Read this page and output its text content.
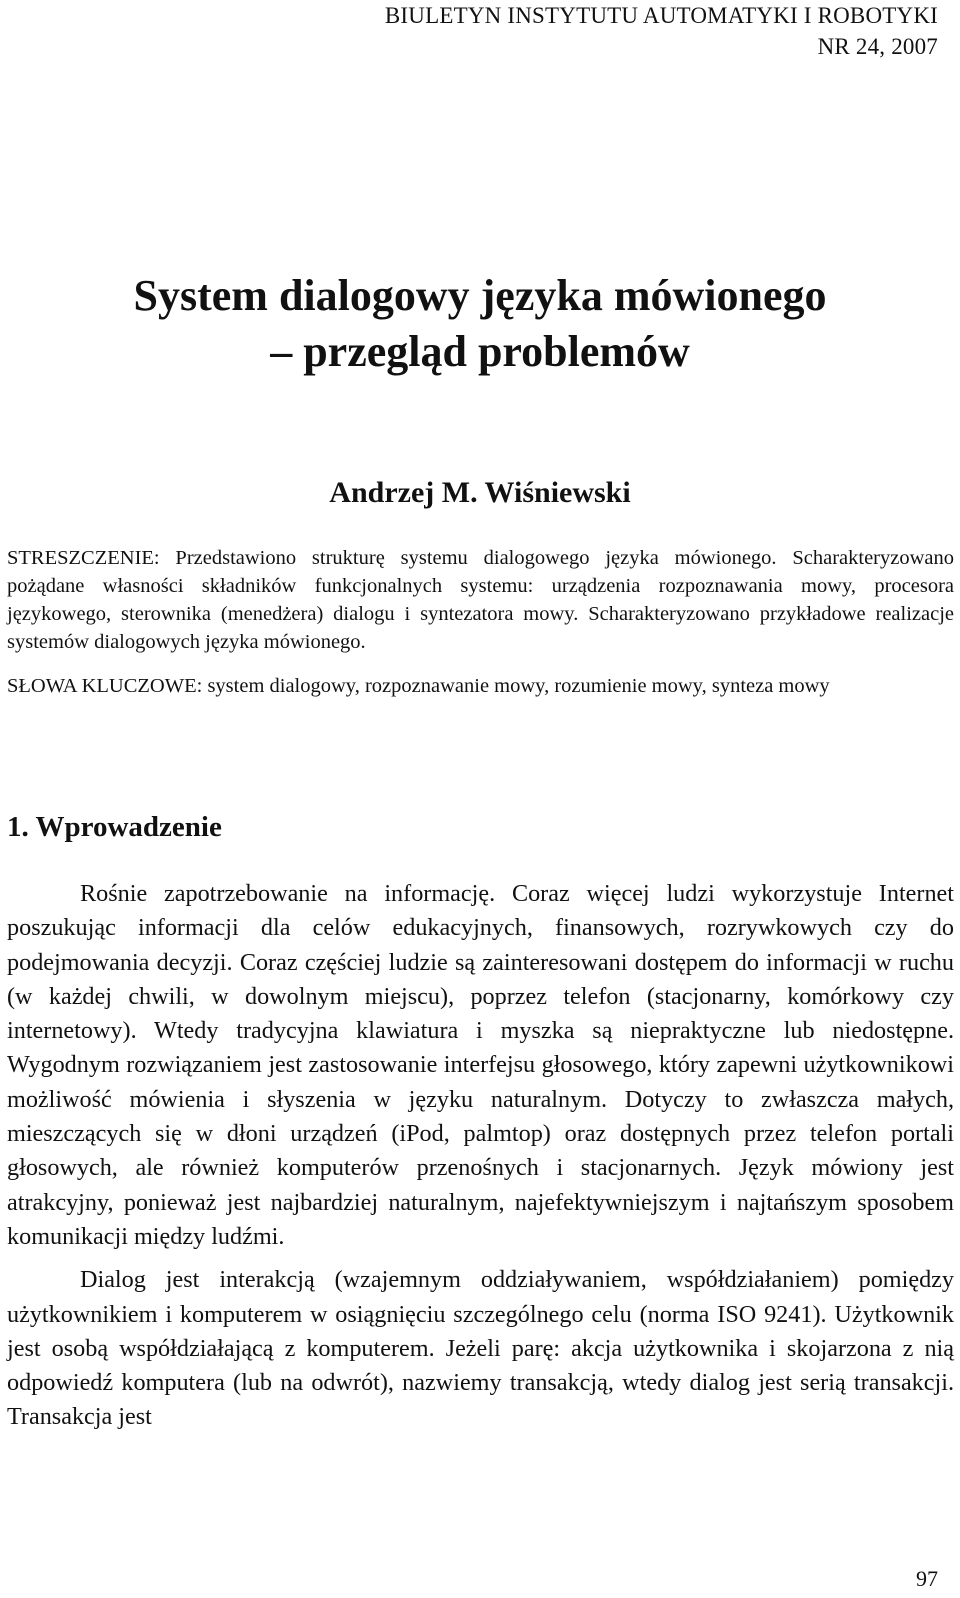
BIULETYN INSTYTUTU AUTOMATYKI I ROBOTYKI
NR 24, 2007
System dialogowy języka mówionego
– przegląd problemów
Andrzej M. Wiśniewski
STRESZCZENIE: Przedstawiono strukturę systemu dialogowego języka mówionego. Scharakteryzowano pożądane własności składników funkcjonalnych systemu: urządzenia rozpoznawania mowy, procesora językowego, sterownika (menedżera) dialogu i syntezatora mowy. Scharakteryzowano przykładowe realizacje systemów dialogowych języka mówionego.
SŁOWA KLUCZOWE: system dialogowy, rozpoznawanie mowy, rozumienie mowy, synteza mowy
1. Wprowadzenie

Rośnie zapotrzebowanie na informację. Coraz więcej ludzi wykorzystuje Internet poszukując informacji dla celów edukacyjnych, finansowych, rozrywkowych czy do podejmowania decyzji. Coraz częściej ludzie są zainteresowani dostępem do informacji w ruchu (w każdej chwili, w dowolnym miejscu), poprzez telefon (stacjonarny, komórkowy czy internetowy). Wtedy tradycyjna klawiatura i myszka są niepraktyczne lub niedostępne. Wygodnym rozwiązaniem jest zastosowanie interfejsu głosowego, który zapewni użytkownikowi możliwość mówienia i słyszenia w języku naturalnym. Dotyczy to zwłaszcza małych, mieszczących się w dłoni urządzeń (iPod, palmtop) oraz dostępnych przez telefon portali głosowych, ale również komputerów przenośnych i stacjonarnych. Język mówiony jest atrakcyjny, ponieważ jest najbardziej naturalnym, najefektywniejszym i najtańszym sposobem komunikacji między ludźmi.

Dialog jest interakcją (wzajemnym oddziaływaniem, współdziałaniem) pomiędzy użytkownikiem i komputerem w osiągnięciu szczególnego celu (norma ISO 9241). Użytkownik jest osobą współdziałającą z komputerem. Jeżeli parę: akcja użytkownika i skojarzona z nią odpowiedź komputera (lub na odwrót), nazwiemy transakcją, wtedy dialog jest serią transakcji. Transakcja jest

97
